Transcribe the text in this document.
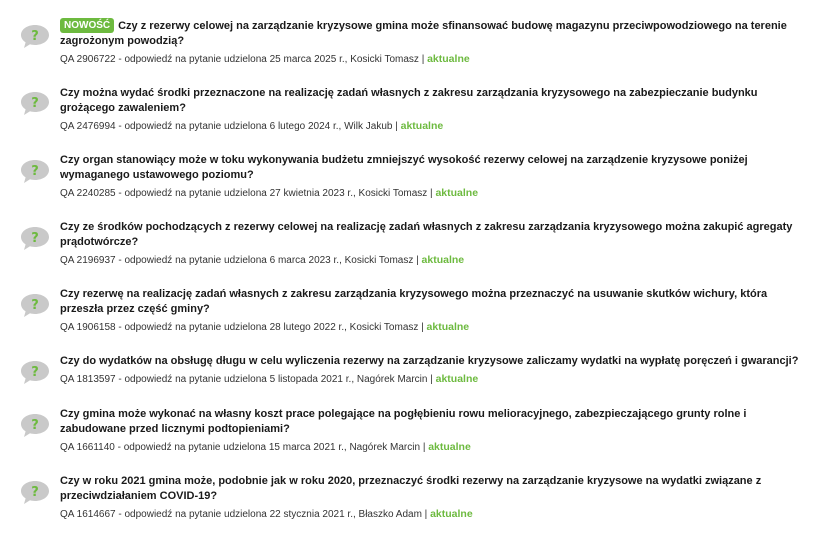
?
NOWOŚĆ Czy z rezerwy celowej na zarządzanie kryzysowe gmina może sfinansować budowę magazynu przeciwpowodziowego na terenie zagrożonym powodzią?
QA 2906722 - odpowiedź na pytanie udzielona 25 marca 2025 r., Kosicki Tomasz | aktualne
?
Czy można wydać środki przeznaczone na realizację zadań własnych z zakresu zarządzania kryzysowego na zabezpieczanie budynku grożącego zawaleniem?
QA 2476994 - odpowiedź na pytanie udzielona 6 lutego 2024 r., Wilk Jakub | aktualne
?
Czy organ stanowiący może w toku wykonywania budżetu zmniejszyć wysokość rezerwy celowej na zarządzenie kryzysowe poniżej wymaganego ustawowego poziomu?
QA 2240285 - odpowiedź na pytanie udzielona 27 kwietnia 2023 r., Kosicki Tomasz | aktualne
?
Czy ze środków pochodzących z rezerwy celowej na realizację zadań własnych z zakresu zarządzania kryzysowego można zakupić agregaty prądotwórcze?
QA 2196937 - odpowiedź na pytanie udzielona 6 marca 2023 r., Kosicki Tomasz | aktualne
?
Czy rezerwę na realizację zadań własnych z zakresu zarządzania kryzysowego można przeznaczyć na usuwanie skutków wichury, która przeszła przez część gminy?
QA 1906158 - odpowiedź na pytanie udzielona 28 lutego 2022 r., Kosicki Tomasz | aktualne
?
Czy do wydatków na obsługę długu w celu wyliczenia rezerwy na zarządzanie kryzysowe zaliczamy wydatki na wypłatę poręczeń i gwarancji?
QA 1813597 - odpowiedź na pytanie udzielona 5 listopada 2021 r., Nagórek Marcin | aktualne
?
Czy gmina może wykonać na własny koszt prace polegające na pogłębieniu rowu melioracyjnego, zabezpieczającego grunty rolne i zabudowane przed licznymi podtopieniami?
QA 1661140 - odpowiedź na pytanie udzielona 15 marca 2021 r., Nagórek Marcin | aktualne
?
Czy w roku 2021 gmina może, podobnie jak w roku 2020, przeznaczyć środki rezerwy na zarządzanie kryzysowe na wydatki związane z przeciwdziałaniem COVID-19?
QA 1614667 - odpowiedź na pytanie udzielona 22 stycznia 2021 r., Błaszko Adam | aktualne
